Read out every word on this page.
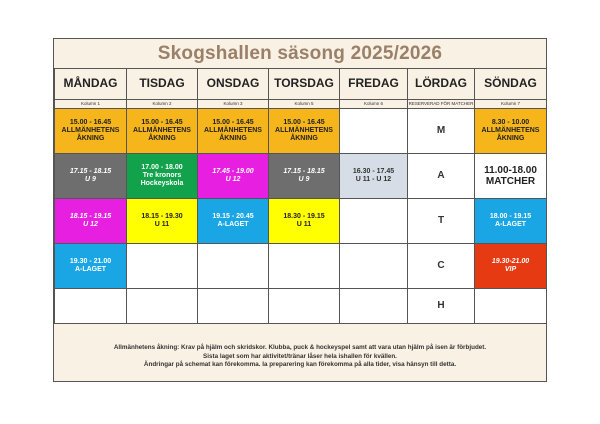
Skogshallen säsong 2025/2026
MÅNDAG	TISDAG	ONSDAG	TORSDAG	FREDAG	LÖRDAG	SÖNDAG
Kolumn 1	Kolumn 2	Kolumn 3	Kolumn 5	Kolumn 6	RESERVERAD FÖR MATCHER	Kolumn 7

15.00 - 16.45
ALLMÄNHETENS
ÅKNING	15.00 - 16.45
ALLMÄNHETENS
ÅKNING	15.00 - 16.45
ALLMÄNHETENS
ÅKNING	15.00 - 16.45
ALLMÄNHETENS
ÅKNING		M	8.30 - 10.00
ALLMÄNHETENS
ÅKNING

17.15 - 18.15
U 9	17.00 - 18.00
Tre kronors
Hockeyskola	17.45 - 19.00
U 12	17.15 - 18.15
U 9	16.30 - 17.45
U 11 - U 12	A	11.00-18.00
MATCHER

18.15 - 19.15
U 12	18.15 - 19.30
U 11	19.15 - 20.45
A-LAGET	18.30 - 19.15
U 11		T	18.00 - 19.15
A-LAGET

19.30 - 21.00
A-LAGET					C	19.30-21.00
VIP

					H	
Allmänhetens åkning: Krav på hjälm och skridskor. Klubba, puck & hockeyspel samt att vara utan hjälm på isen är förbjudet.
Sista laget som har aktivitet/tränar låser hela ishallen för kvällen.
Ändringar på schemat kan förekomma. Ia preparering kan förekomma på alla tider, visa hänsyn till detta.
